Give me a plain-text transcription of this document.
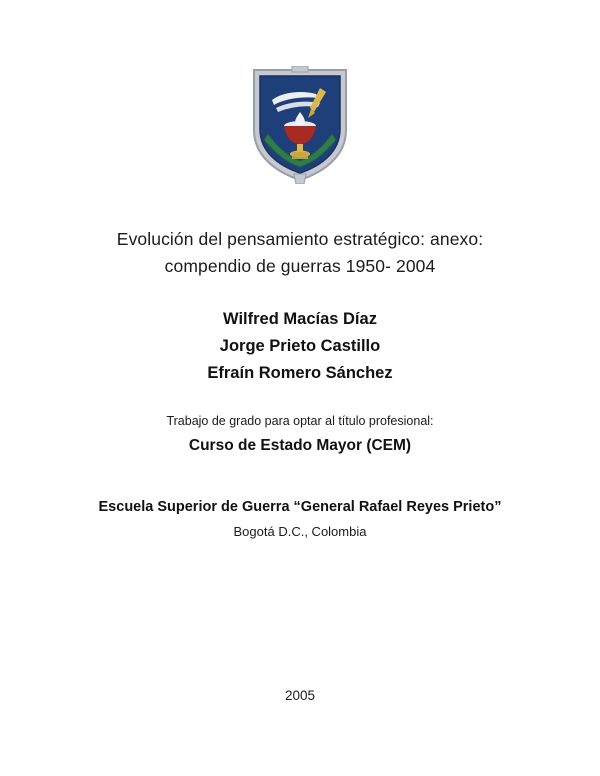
Evolución del pensamiento estratégico: anexo:
compendio de guerras 1950- 2004
Wilfred Macías Díaz
Jorge Prieto Castillo
Efraín Romero Sánchez
Trabajo de grado para optar al título profesional:
Curso de Estado Mayor (CEM)
Escuela Superior de Guerra “General Rafael Reyes Prieto”
Bogotá D.C., Colombia
2005
